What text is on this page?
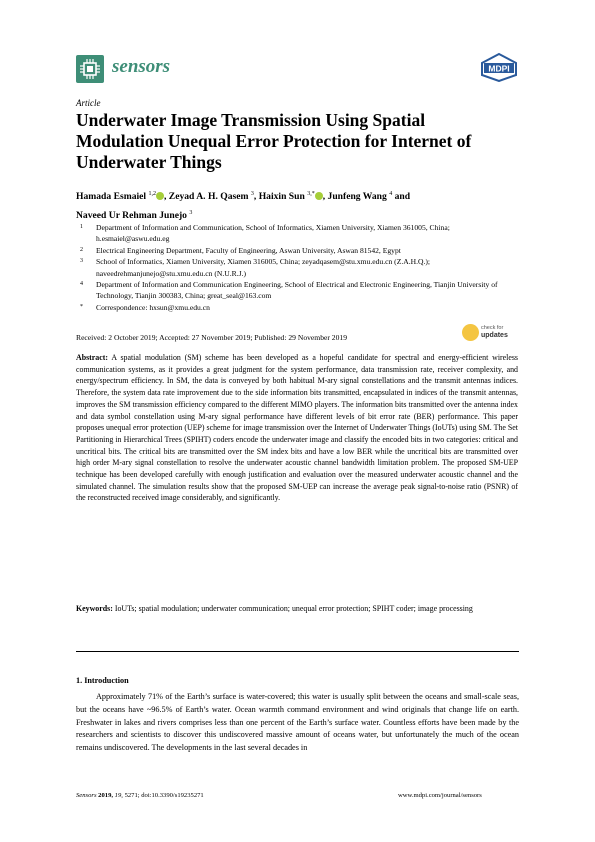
sensors	MDPI
Article
Underwater Image Transmission Using Spatial Modulation Unequal Error Protection for Internet of Underwater Things
Hamada Esmaiel $^{1,2}$ , Zeyad A. H. Qasem $^3$, Haixin Sun $^{3,*}$ , Junfeng Wang $^4$ and
Naveed Ur Rehman Junejo $^3$
1 Department of Information and Communication, School of Informatics, Xiamen University, Xiamen 361005, China; h.esmaiel@aswu.edu.eg
2 Electrical Engineering Department, Faculty of Engineering, Aswan University, Aswan 81542, Egypt
3 School of Informatics, Xiamen University, Xiamen 316005, China; zeyadqasem@stu.xmu.edu.cn (Z.A.H.Q.); naveedrehmanjunejo@stu.xmu.edu.cn (N.U.R.J.)
4 Department of Information and Communication Engineering, School of Electrical and Electronic Engineering, Tianjin University of Technology, Tianjin 300383, China; great_seal@163.com
* Correspondence: hxsun@xmu.edu.cn
Received: 2 October 2019; Accepted: 27 November 2019; Published: 29 November 2019
check for
updates

Abstract: A spatial modulation (SM) scheme has been developed as a hopeful candidate for spectral and energy-efficient wireless communication systems, as it provides a great judgment for the system performance, data transmission rate, receiver complexity, and energy/spectrum efficiency. In SM, the data is conveyed by both habitual M-ary signal constellations and the transmit antennas indices. Therefore, the system data rate improvement due to the side information bits transmitted, encapsulated in indices of the transmit antennas, improves the SM transmission efficiency compared to the different MIMO players. The information bits transmitted over the antenna index and data symbol constellation using M-ary signal performance have different levels of bit error rate (BER) performance. This paper proposes unequal error protection (UEP) scheme for image transmission over the Internet of Underwater Things (IoUTs) using SM. The Set Partitioning in Hierarchical Trees (SPIHT) coders encode the underwater image and classify the encoded bits in two categories: critical and uncritical bits. The critical bits are transmitted over the SM index bits and have a low BER while the uncritical bits are transmitted over high order M-ary signal constellation to resolve the underwater acoustic channel bandwidth limitation problem. The proposed SM-UEP technique has been developed carefully with enough justification and evaluation over the measured underwater acoustic channel and the simulated channel. The simulation results show that the proposed SM-UEP can increase the average peak signal-to-noise ratio (PSNR) of the reconstructed received image considerably, and significantly.

Keywords: IoUTs; spatial modulation; underwater communication; unequal error protection; SPIHT coder; image processing

1. Introduction

Approximately 71% of the Earth’s surface is water-covered; this water is usually split between the oceans and small-scale seas, but the oceans have ~96.5% of Earth’s water. Ocean warmth command environment and wind originals that change life on earth. Freshwater in lakes and rivers comprises less than one percent of the Earth’s surface water. Countless efforts have been made by the researchers and scientists to discover this undiscovered massive amount of oceans water, but unfortunately the much of the ocean remains undiscovered. The developments in the last several decades in

Sensors 2019, 19, 5271; doi:10.3390/s19235271	www.mdpi.com/journal/sensors
